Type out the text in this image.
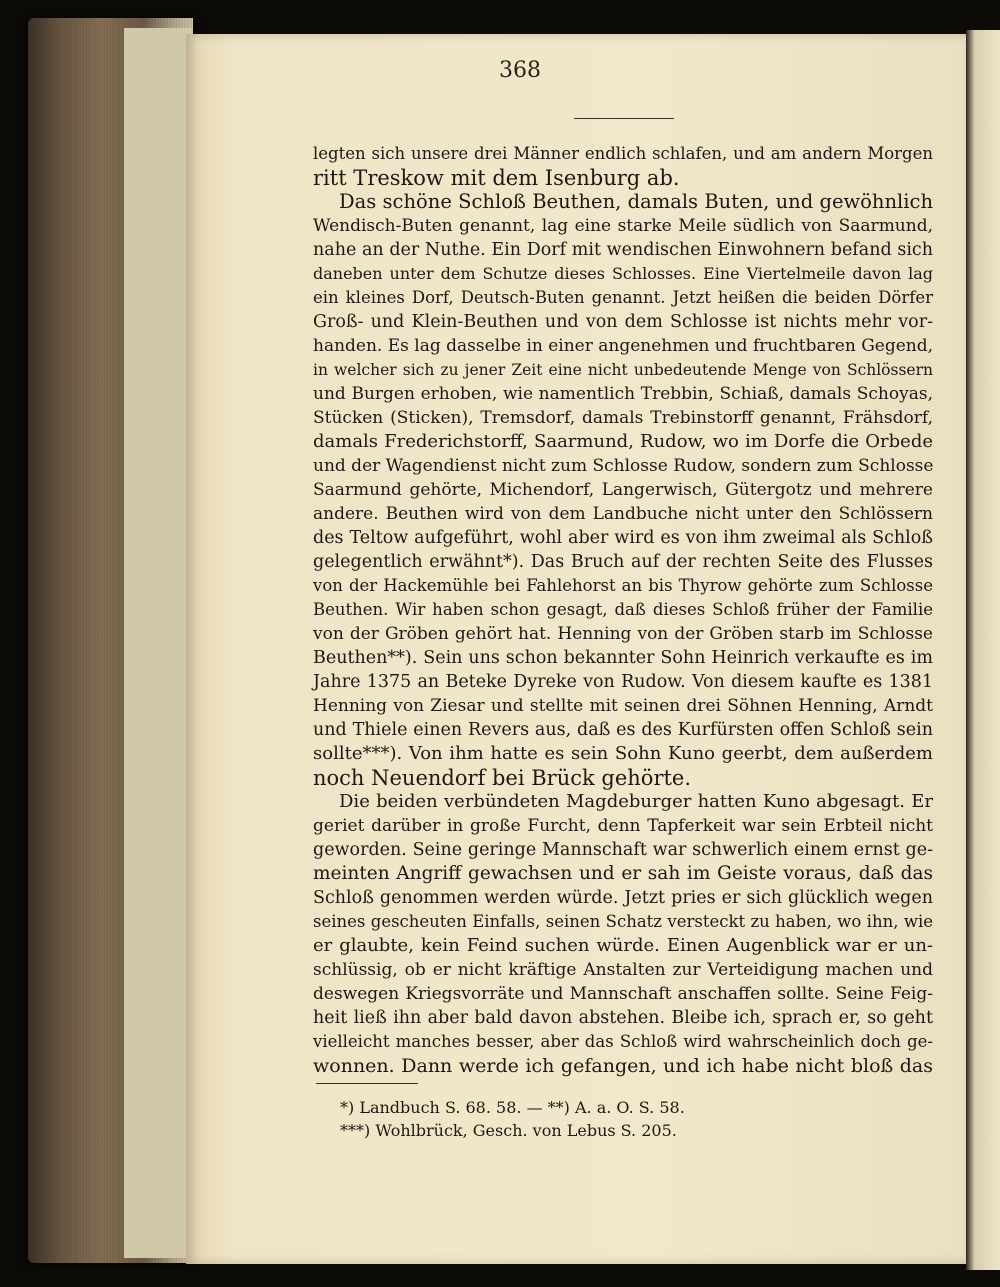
368
legten sich unsere drei Männer endlich schlafen, und am andern Morgen
ritt Treskow mit dem Isenburg ab.
Das schöne Schloß Beuthen, damals Buten, und gewöhnlich
Wendisch-Buten genannt, lag eine starke Meile südlich von Saarmund,
nahe an der Nuthe. Ein Dorf mit wendischen Einwohnern befand sich
daneben unter dem Schutze dieses Schlosses. Eine Viertelmeile davon lag
ein kleines Dorf, Deutsch-Buten genannt. Jetzt heißen die beiden Dörfer
Groß- und Klein-Beuthen und von dem Schlosse ist nichts mehr vor-
handen. Es lag dasselbe in einer angenehmen und fruchtbaren Gegend,
in welcher sich zu jener Zeit eine nicht unbedeutende Menge von Schlössern
und Burgen erhoben, wie namentlich Trebbin, Schiaß, damals Schoyas,
Stücken (Sticken), Tremsdorf, damals Trebinstorff genannt, Frähsdorf,
damals Frederichstorff, Saarmund, Rudow, wo im Dorfe die Orbede
und der Wagendienst nicht zum Schlosse Rudow, sondern zum Schlosse
Saarmund gehörte, Michendorf, Langerwisch, Gütergotz und mehrere
andere. Beuthen wird von dem Landbuche nicht unter den Schlössern
des Teltow aufgeführt, wohl aber wird es von ihm zweimal als Schloß
gelegentlich erwähnt*). Das Bruch auf der rechten Seite des Flusses
von der Hackemühle bei Fahlehorst an bis Thyrow gehörte zum Schlosse
Beuthen. Wir haben schon gesagt, daß dieses Schloß früher der Familie
von der Gröben gehört hat. Henning von der Gröben starb im Schlosse
Beuthen**). Sein uns schon bekannter Sohn Heinrich verkaufte es im
Jahre 1375 an Beteke Dyreke von Rudow. Von diesem kaufte es 1381
Henning von Ziesar und stellte mit seinen drei Söhnen Henning, Arndt
und Thiele einen Revers aus, daß es des Kurfürsten offen Schloß sein
sollte***). Von ihm hatte es sein Sohn Kuno geerbt, dem außerdem
noch Neuendorf bei Brück gehörte.
Die beiden verbündeten Magdeburger hatten Kuno abgesagt. Er
geriet darüber in große Furcht, denn Tapferkeit war sein Erbteil nicht
geworden. Seine geringe Mannschaft war schwerlich einem ernst ge-
meinten Angriff gewachsen und er sah im Geiste voraus, daß das
Schloß genommen werden würde. Jetzt pries er sich glücklich wegen
seines gescheuten Einfalls, seinen Schatz versteckt zu haben, wo ihn, wie
er glaubte, kein Feind suchen würde. Einen Augenblick war er un-
schlüssig, ob er nicht kräftige Anstalten zur Verteidigung machen und
deswegen Kriegsvorräte und Mannschaft anschaffen sollte. Seine Feig-
heit ließ ihn aber bald davon abstehen. Bleibe ich, sprach er, so geht
vielleicht manches besser, aber das Schloß wird wahrscheinlich doch ge-
wonnen. Dann werde ich gefangen, und ich habe nicht bloß das
*) Landbuch S. 68. 58. — **) A. a. O. S. 58.
***) Wohlbrück, Gesch. von Lebus S. 205.
